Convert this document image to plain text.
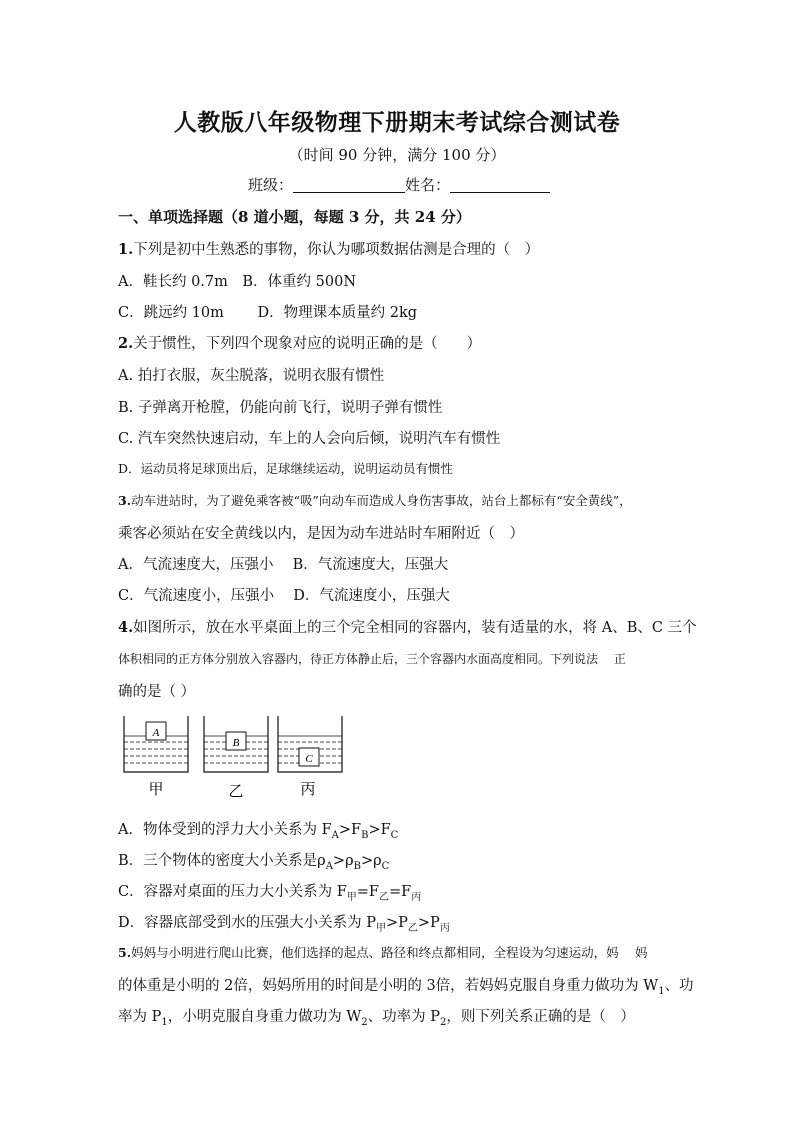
人教版八年级物理下册期末考试综合测试卷
（时间 90 分钟，满分 100 分）
班级：	姓名：
一、单项选择题（8 道小题，每题 3 分，共 24 分）
1.下列是初中生熟悉的事物，你认为哪项数据估测是合理的（　）
A．鞋长约 0.7m　B．体重约 500N
C．跳远约 10m　　 D．物理课本质量约 2kg
2.关于惯性，下列四个现象对应的说明正确的是（　　）
A. 拍打衣服，灰尘脱落，说明衣服有惯性
B. 子弹离开枪膛，仍能向前飞行，说明子弹有惯性
C. 汽车突然快速启动，车上的人会向后倾，说明汽车有惯性
D．运动员将足球顶出后，足球继续运动，说明运动员有惯性
3.动车进站时，为了避免乘客被“吸”向动车而造成人身伤害事故，站台上都标有“安全黄线”，
乘客必须站在安全黄线以内，是因为动车进站时车厢附近（　）
A．气流速度大，压强小　 B．气流速度大，压强大
C．气流速度小，压强小　 D．气流速度小，压强大
4.如图所示，放在水平桌面上的三个完全相同的容器内，装有适量的水，将 A、B、C 三个
体积相同的正方体分别放入容器内，待正方体静止后，三个容器内水面高度相同。下列说法　 正
确的是（ ）
A
B
C
甲	乙	丙
A．物体受到的浮力大小关系为 $F_A>F_B>F_C$
B．三个物体的密度大小关系是$\rho_A>\rho_B>\rho_C$
C．容器对桌面的压力大小关系为 $F_甲=F_乙=F_丙$
D．容器底部受到水的压强大小关系为 $P_甲>P_乙>P_丙$
5.妈妈与小明进行爬山比赛，他们选择的起点、路径和终点都相同，全程设为匀速运动，妈　 妈
的体重是小明的 2倍，妈妈所用的时间是小明的 3倍，若妈妈克服自身重力做功为 $W_1$、功
率为 $P_1$，小明克服自身重力做功为 $W_2$、功率为 $P_2$，则下列关系正确的是（　）
